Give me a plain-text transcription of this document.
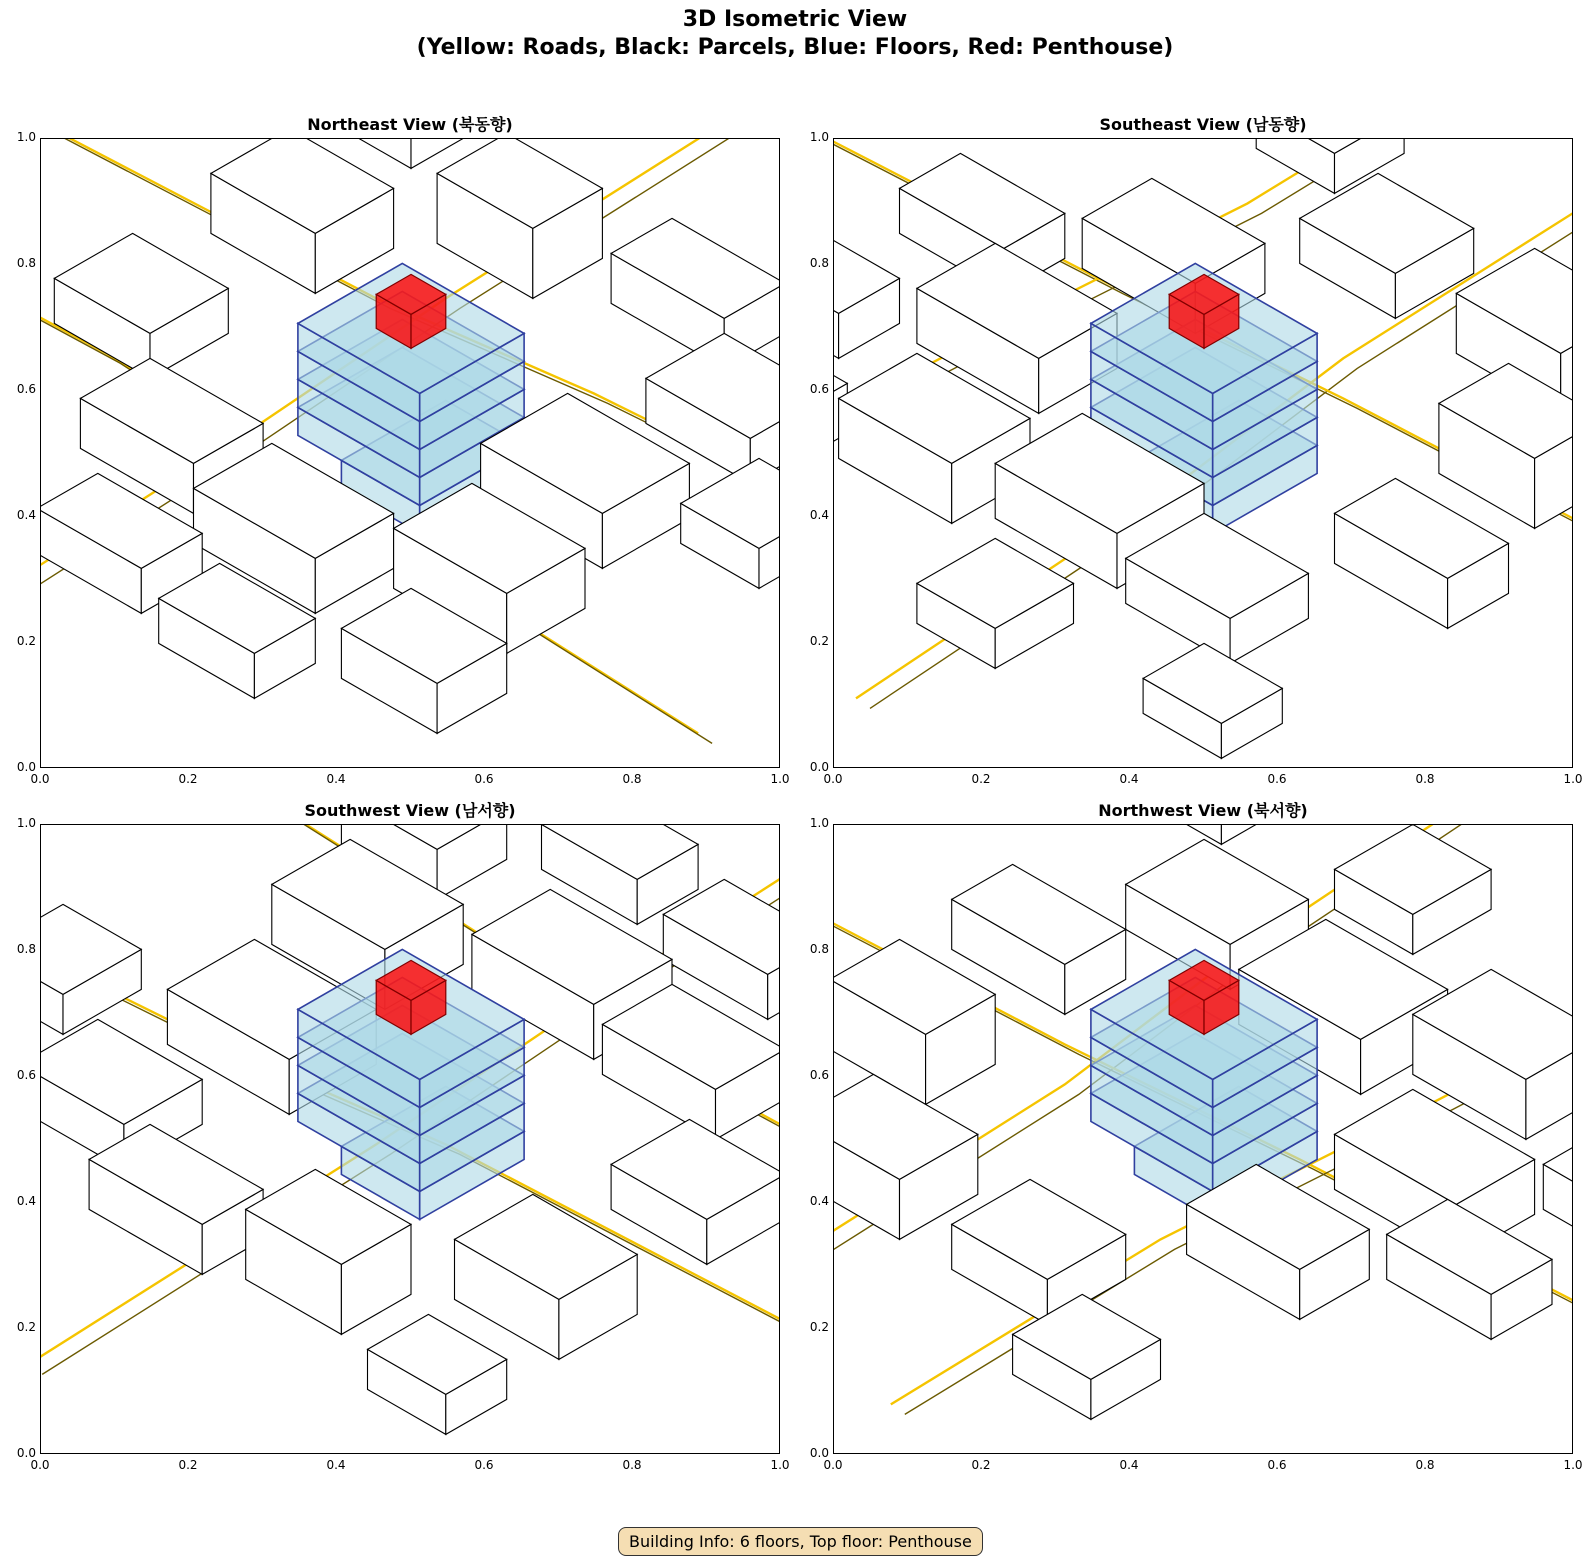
3D Isometric View
(Yellow: Roads, Black: Parcels, Blue: Floors, Red: Penthouse)
Northeast View (북동향)	Southeast View (남동향)
Southwest View (남서향)	Northwest View (북서향)
Building Info: 6 floors, Top floor: Penthouse
0.0
0.0
0.2
0.2
0.4
0.4
0.6
0.6
0.8
0.8
1.0
1.0
0.0
0.0
0.2
0.2
0.4
0.4
0.6
0.6
0.8
0.8
1.0
1.0
0.0
0.0
0.2
0.2
0.4
0.4
0.6
0.6
0.8
0.8
1.0
1.0
0.0
0.0
0.2
0.2
0.4
0.4
0.6
0.6
0.8
0.8
1.0
1.0
